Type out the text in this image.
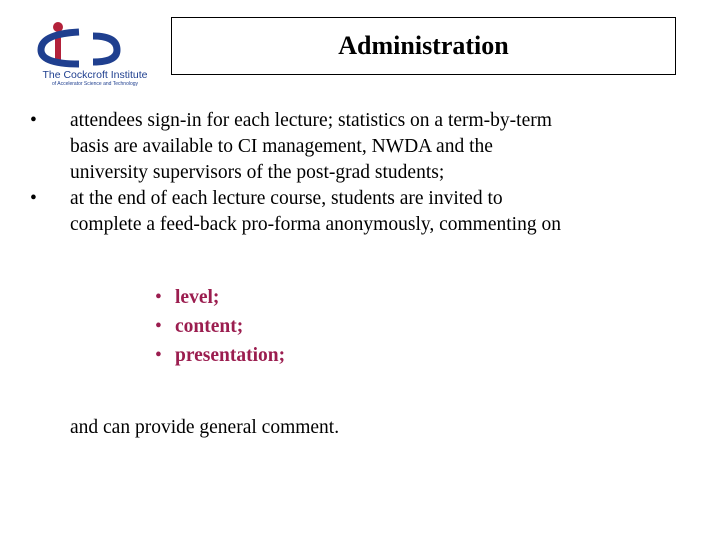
The Cockcroft Institute
of Accelerator Science and Technology
Administration
• attendees sign-in for each lecture; statistics on a term-by-term
basis are available to CI management, NWDA and the
university supervisors of the post-grad students;
• at the end of each lecture course, students are invited to
complete a feed-back pro-forma anonymously, commenting on
• level;
• content;
• presentation;
and can provide general comment.
